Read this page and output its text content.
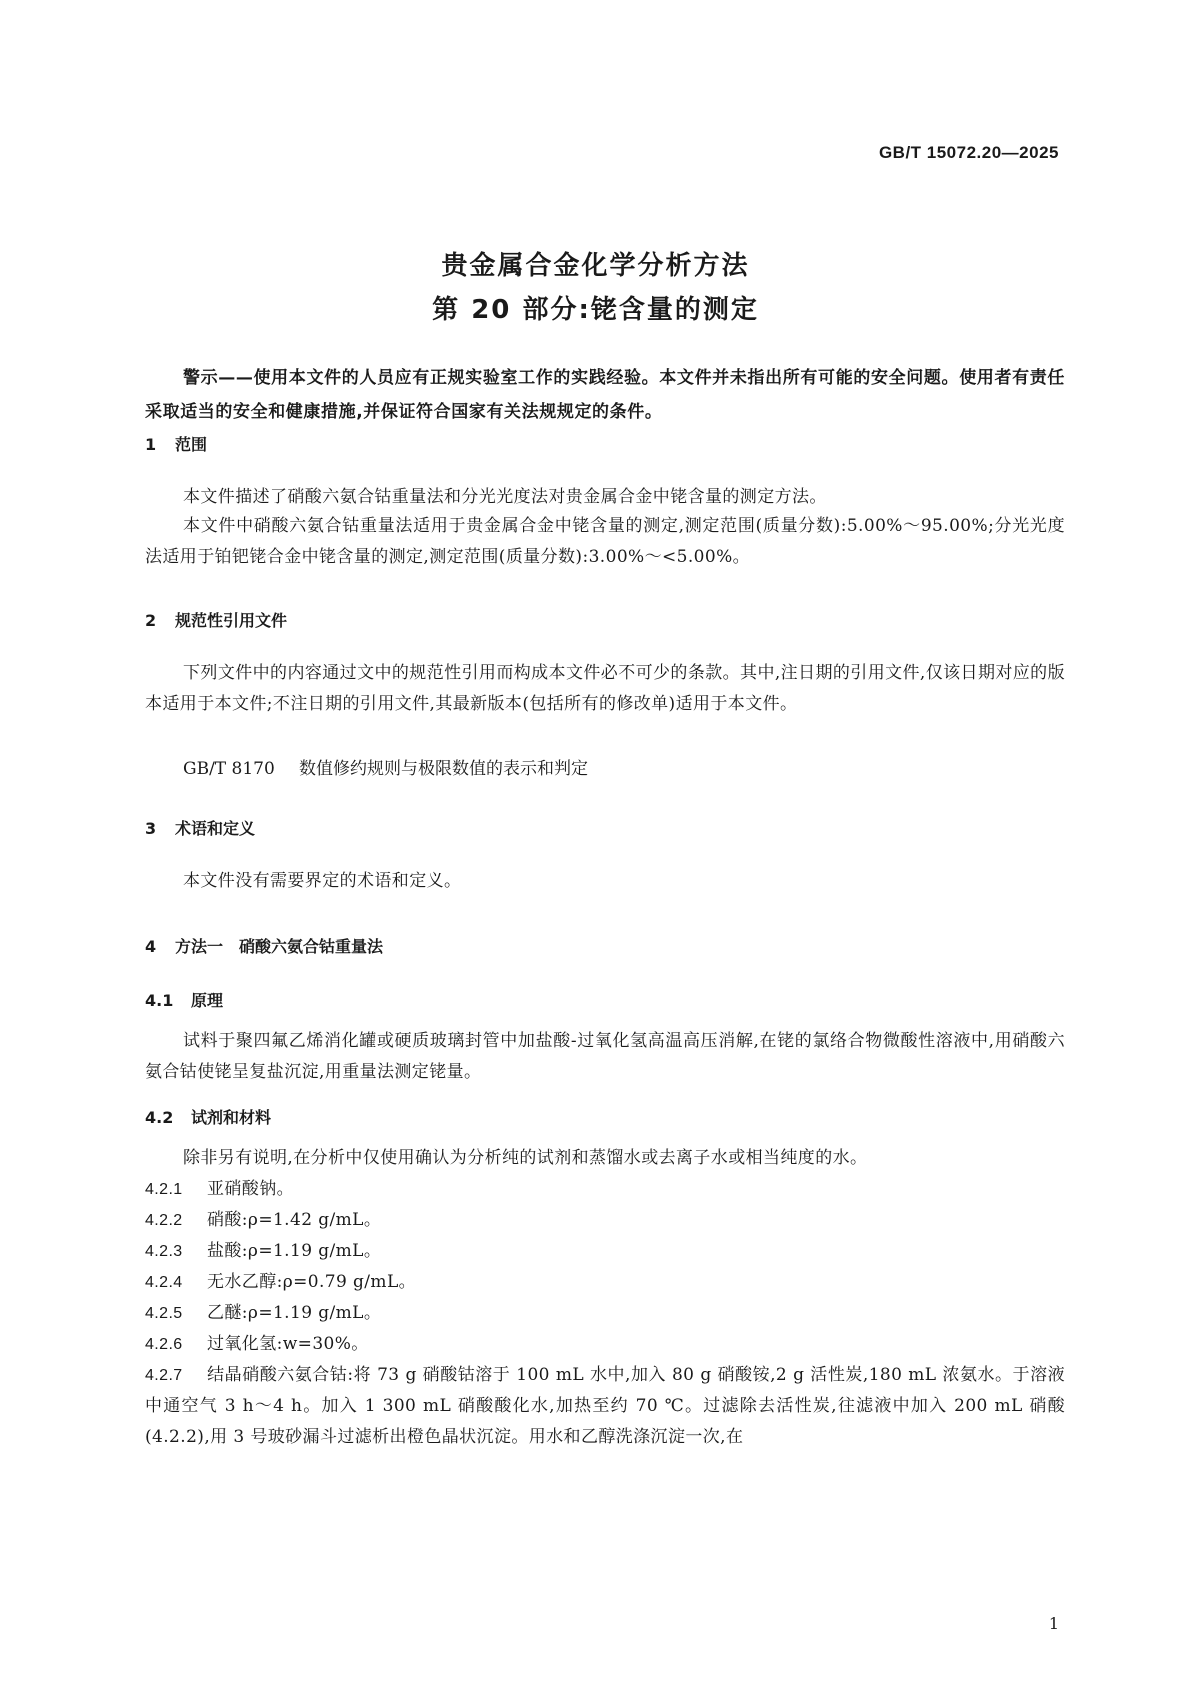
GB/T 15072.20—2025
贵金属合金化学分析方法
第 20 部分:铑含量的测定
警示——使用本文件的人员应有正规实验室工作的实践经验。本文件并未指出所有可能的安全问题。使用者有责任采取适当的安全和健康措施,并保证符合国家有关法规规定的条件。
1 范围
本文件描述了硝酸六氨合钴重量法和分光光度法对贵金属合金中铑含量的测定方法。
本文件中硝酸六氨合钴重量法适用于贵金属合金中铑含量的测定,测定范围(质量分数):5.00%～95.00%;分光光度法适用于铂钯铑合金中铑含量的测定,测定范围(质量分数):3.00%～<5.00%。
2 规范性引用文件
下列文件中的内容通过文中的规范性引用而构成本文件必不可少的条款。其中,注日期的引用文件,仅该日期对应的版本适用于本文件;不注日期的引用文件,其最新版本(包括所有的修改单)适用于本文件。
GB/T 8170 数值修约规则与极限数值的表示和判定
3 术语和定义
本文件没有需要界定的术语和定义。
4 方法一　硝酸六氨合钴重量法
4.1 原理
试料于聚四氟乙烯消化罐或硬质玻璃封管中加盐酸-过氧化氢高温高压消解,在铑的氯络合物微酸性溶液中,用硝酸六氨合钴使铑呈复盐沉淀,用重量法测定铑量。
4.2 试剂和材料
除非另有说明,在分析中仅使用确认为分析纯的试剂和蒸馏水或去离子水或相当纯度的水。
4.2.1 亚硝酸钠。
4.2.2 硝酸:ρ=1.42 g/mL。
4.2.3 盐酸:ρ=1.19 g/mL。
4.2.4 无水乙醇:ρ=0.79 g/mL。
4.2.5 乙醚:ρ=1.19 g/mL。
4.2.6 过氧化氢:w=30%。
4.2.7 结晶硝酸六氨合钴:将 73 g 硝酸钴溶于 100 mL 水中,加入 80 g 硝酸铵,2 g 活性炭,180 mL 浓氨水。于溶液中通空气 3 h～4 h。加入 1 300 mL 硝酸酸化水,加热至约 70 ℃。过滤除去活性炭,往滤液中加入 200 mL 硝酸(4.2.2),用 3 号玻砂漏斗过滤析出橙色晶状沉淀。用水和乙醇洗涤沉淀一次,在
1
